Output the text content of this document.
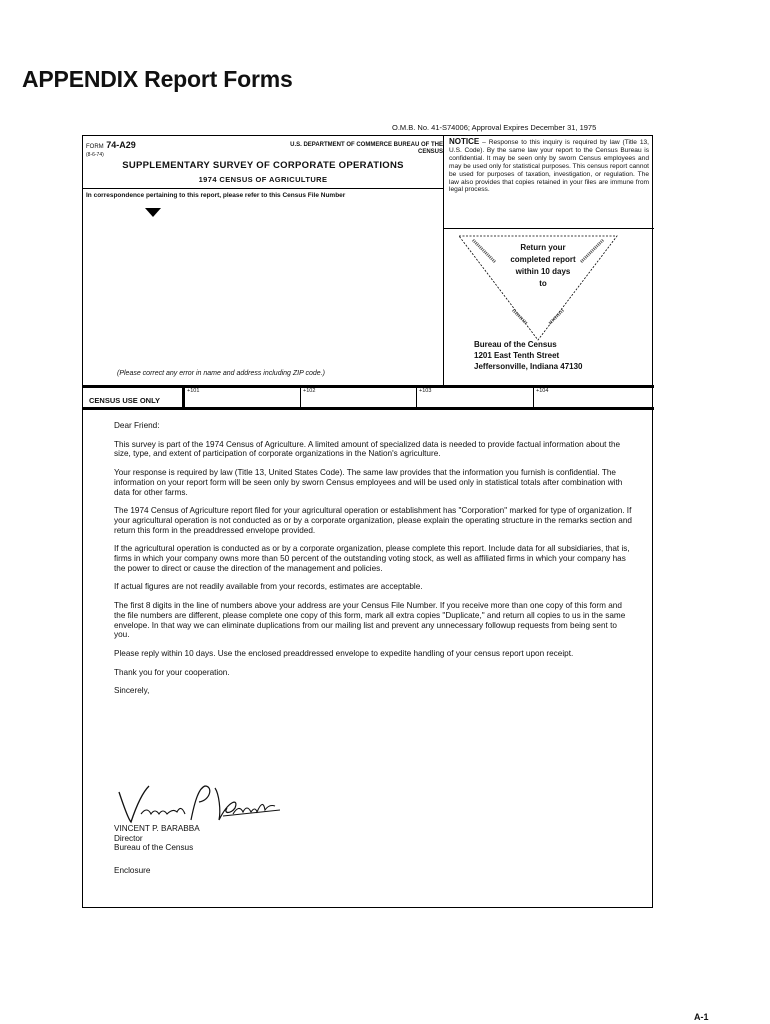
APPENDIX Report Forms
O.M.B. No. 41-S74006; Approval Expires December 31, 1975
FORM 74-A29
(8-6-74)
U.S. DEPARTMENT OF COMMERCE BUREAU OF THE CENSUS
SUPPLEMENTARY SURVEY OF CORPORATE OPERATIONS
1974 CENSUS OF AGRICULTURE
In correspondence pertaining to this report, please refer to this Census File Number
NOTICE – Response to this inquiry is required by law (Title 13, U.S. Code). By the same law your report to the Census Bureau is confidential. It may be seen only by sworn Census employees and may be used only for statistical purposes. This census report cannot be used for purposes of taxation, investigation, or regulation. The law also provides that copies retained in your files are immune from legal process.
Return your
completed report
within 10 days
to
Bureau of the Census
1201 East Tenth Street
Jeffersonville, Indiana 47130
(Please correct any error in name and address including ZIP code.)
CENSUS USE ONLY
+101	+102	+103	+104

Dear Friend:

This survey is part of the 1974 Census of Agriculture. A limited amount of specialized data is needed to provide factual information about the size, type, and extent of participation of corporate organizations in the Nation's agriculture.

Your response is required by law (Title 13, United States Code). The same law provides that the information you furnish is confidential. The information on your report form will be seen only by sworn Census employees and will be used only in statistical totals after combination with data for other farms.

The 1974 Census of Agriculture report filed for your agricultural operation or establishment has "Corporation" marked for type of organization. If your agricultural operation is not conducted as or by a corporate organization, please explain the operating structure in the remarks section and return this form in the preaddressed envelope provided.

If the agricultural operation is conducted as or by a corporate organization, please complete this report. Include data for all subsidiaries, that is, firms in which your company owns more than 50 percent of the outstanding voting stock, as well as affiliated firms in which your company has the power to direct or cause the direction of the management and policies.

If actual figures are not readily available from your records, estimates are acceptable.

The first 8 digits in the line of numbers above your address are your Census File Number. If you receive more than one copy of this form and the file numbers are different, please complete one copy of this form, mark all extra copies "Duplicate," and return all copies to us in the same envelope. In that way we can eliminate duplications from our mailing list and prevent any unnecessary followup requests from being sent to you.

Please reply within 10 days. Use the enclosed preaddressed envelope to expedite handling of your census report upon receipt.

Thank you for your cooperation.

Sincerely,

VINCENT P. BARABBA
Director
Bureau of the Census
Enclosure
A-1
